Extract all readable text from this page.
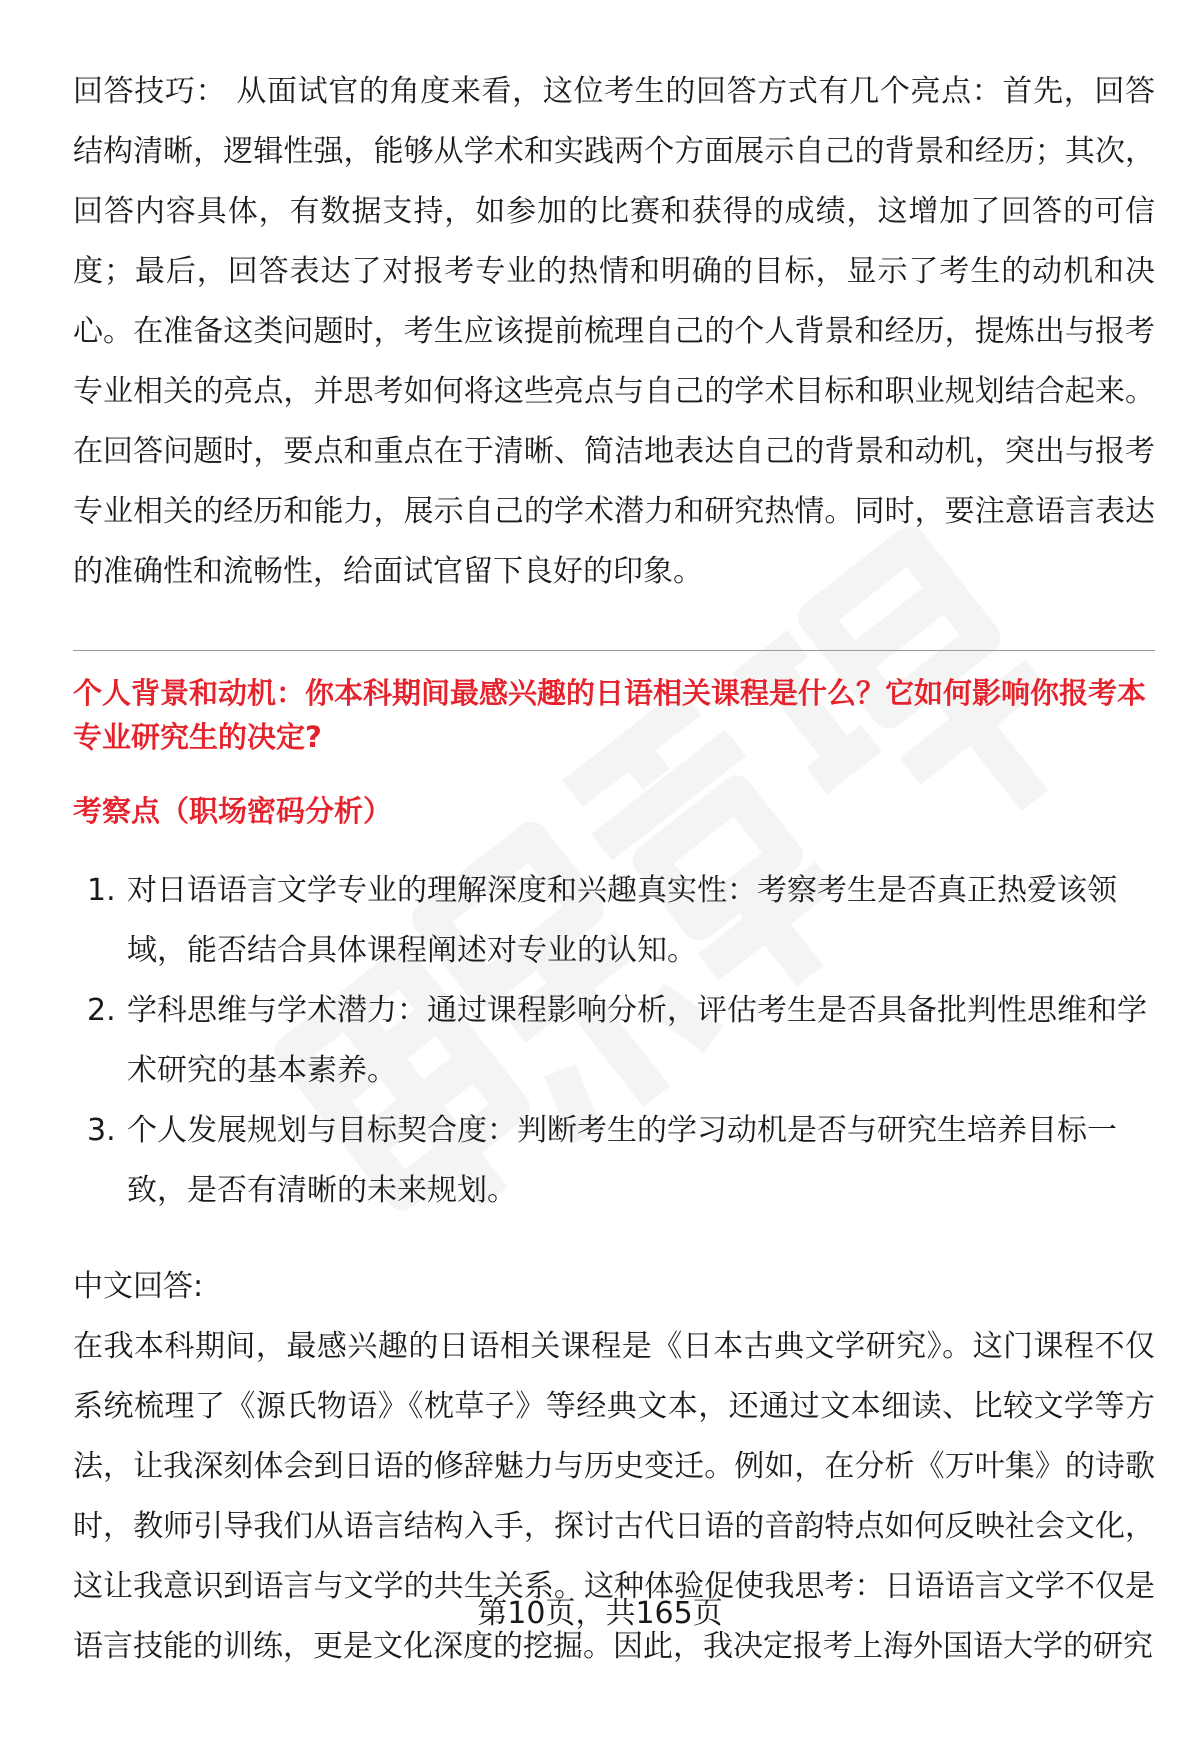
回答技巧： 从面试官的角度来看，这位考生的回答方式有几个亮点：首先，回答结构清晰，逻辑性强，能够从学术和实践两个方面展示自己的背景和经历；其次，回答内容具体，有数据支持，如参加的比赛和获得的成绩，这增加了回答的可信度；最后，回答表达了对报考专业的热情和明确的目标，显示了考生的动机和决心。在准备这类问题时，考生应该提前梳理自己的个人背景和经历，提炼出与报考专业相关的亮点，并思考如何将这些亮点与自己的学术目标和职业规划结合起来。在回答问题时，要点和重点在于清晰、简洁地表达自己的背景和动机，突出与报考专业相关的经历和能力，展示自己的学术潜力和研究热情。同时，要注意语言表达的准确性和流畅性，给面试官留下良好的印象。

个人背景和动机：你本科期间最感兴趣的日语相关课程是什么？它如何影响你报考本专业研究生的决定?
考察点（职场密码分析）
1. 对日语语言文学专业的理解深度和兴趣真实性：考察考生是否真正热爱该领域，能否结合具体课程阐述对专业的认知。
2. 学科思维与学术潜力：通过课程影响分析，评估考生是否具备批判性思维和学术研究的基本素养。
3. 个人发展规划与目标契合度：判断考生的学习动机是否与研究生培养目标一致，是否有清晰的未来规划。
中文回答:

在我本科期间，最感兴趣的日语相关课程是《日本古典文学研究》。这门课程不仅系统梳理了《源氏物语》《枕草子》等经典文本，还通过文本细读、比较文学等方法，让我深刻体会到日语的修辞魅力与历史变迁。例如，在分析《万叶集》的诗歌时，教师引导我们从语言结构入手，探讨古代日语的音韵特点如何反映社会文化，这让我意识到语言与文学的共生关系。这种体验促使我思考：日语语言文学不仅是语言技能的训练，更是文化深度的挖掘。因此，我决定报考上海外国语大学的研究

第10页，共165页
